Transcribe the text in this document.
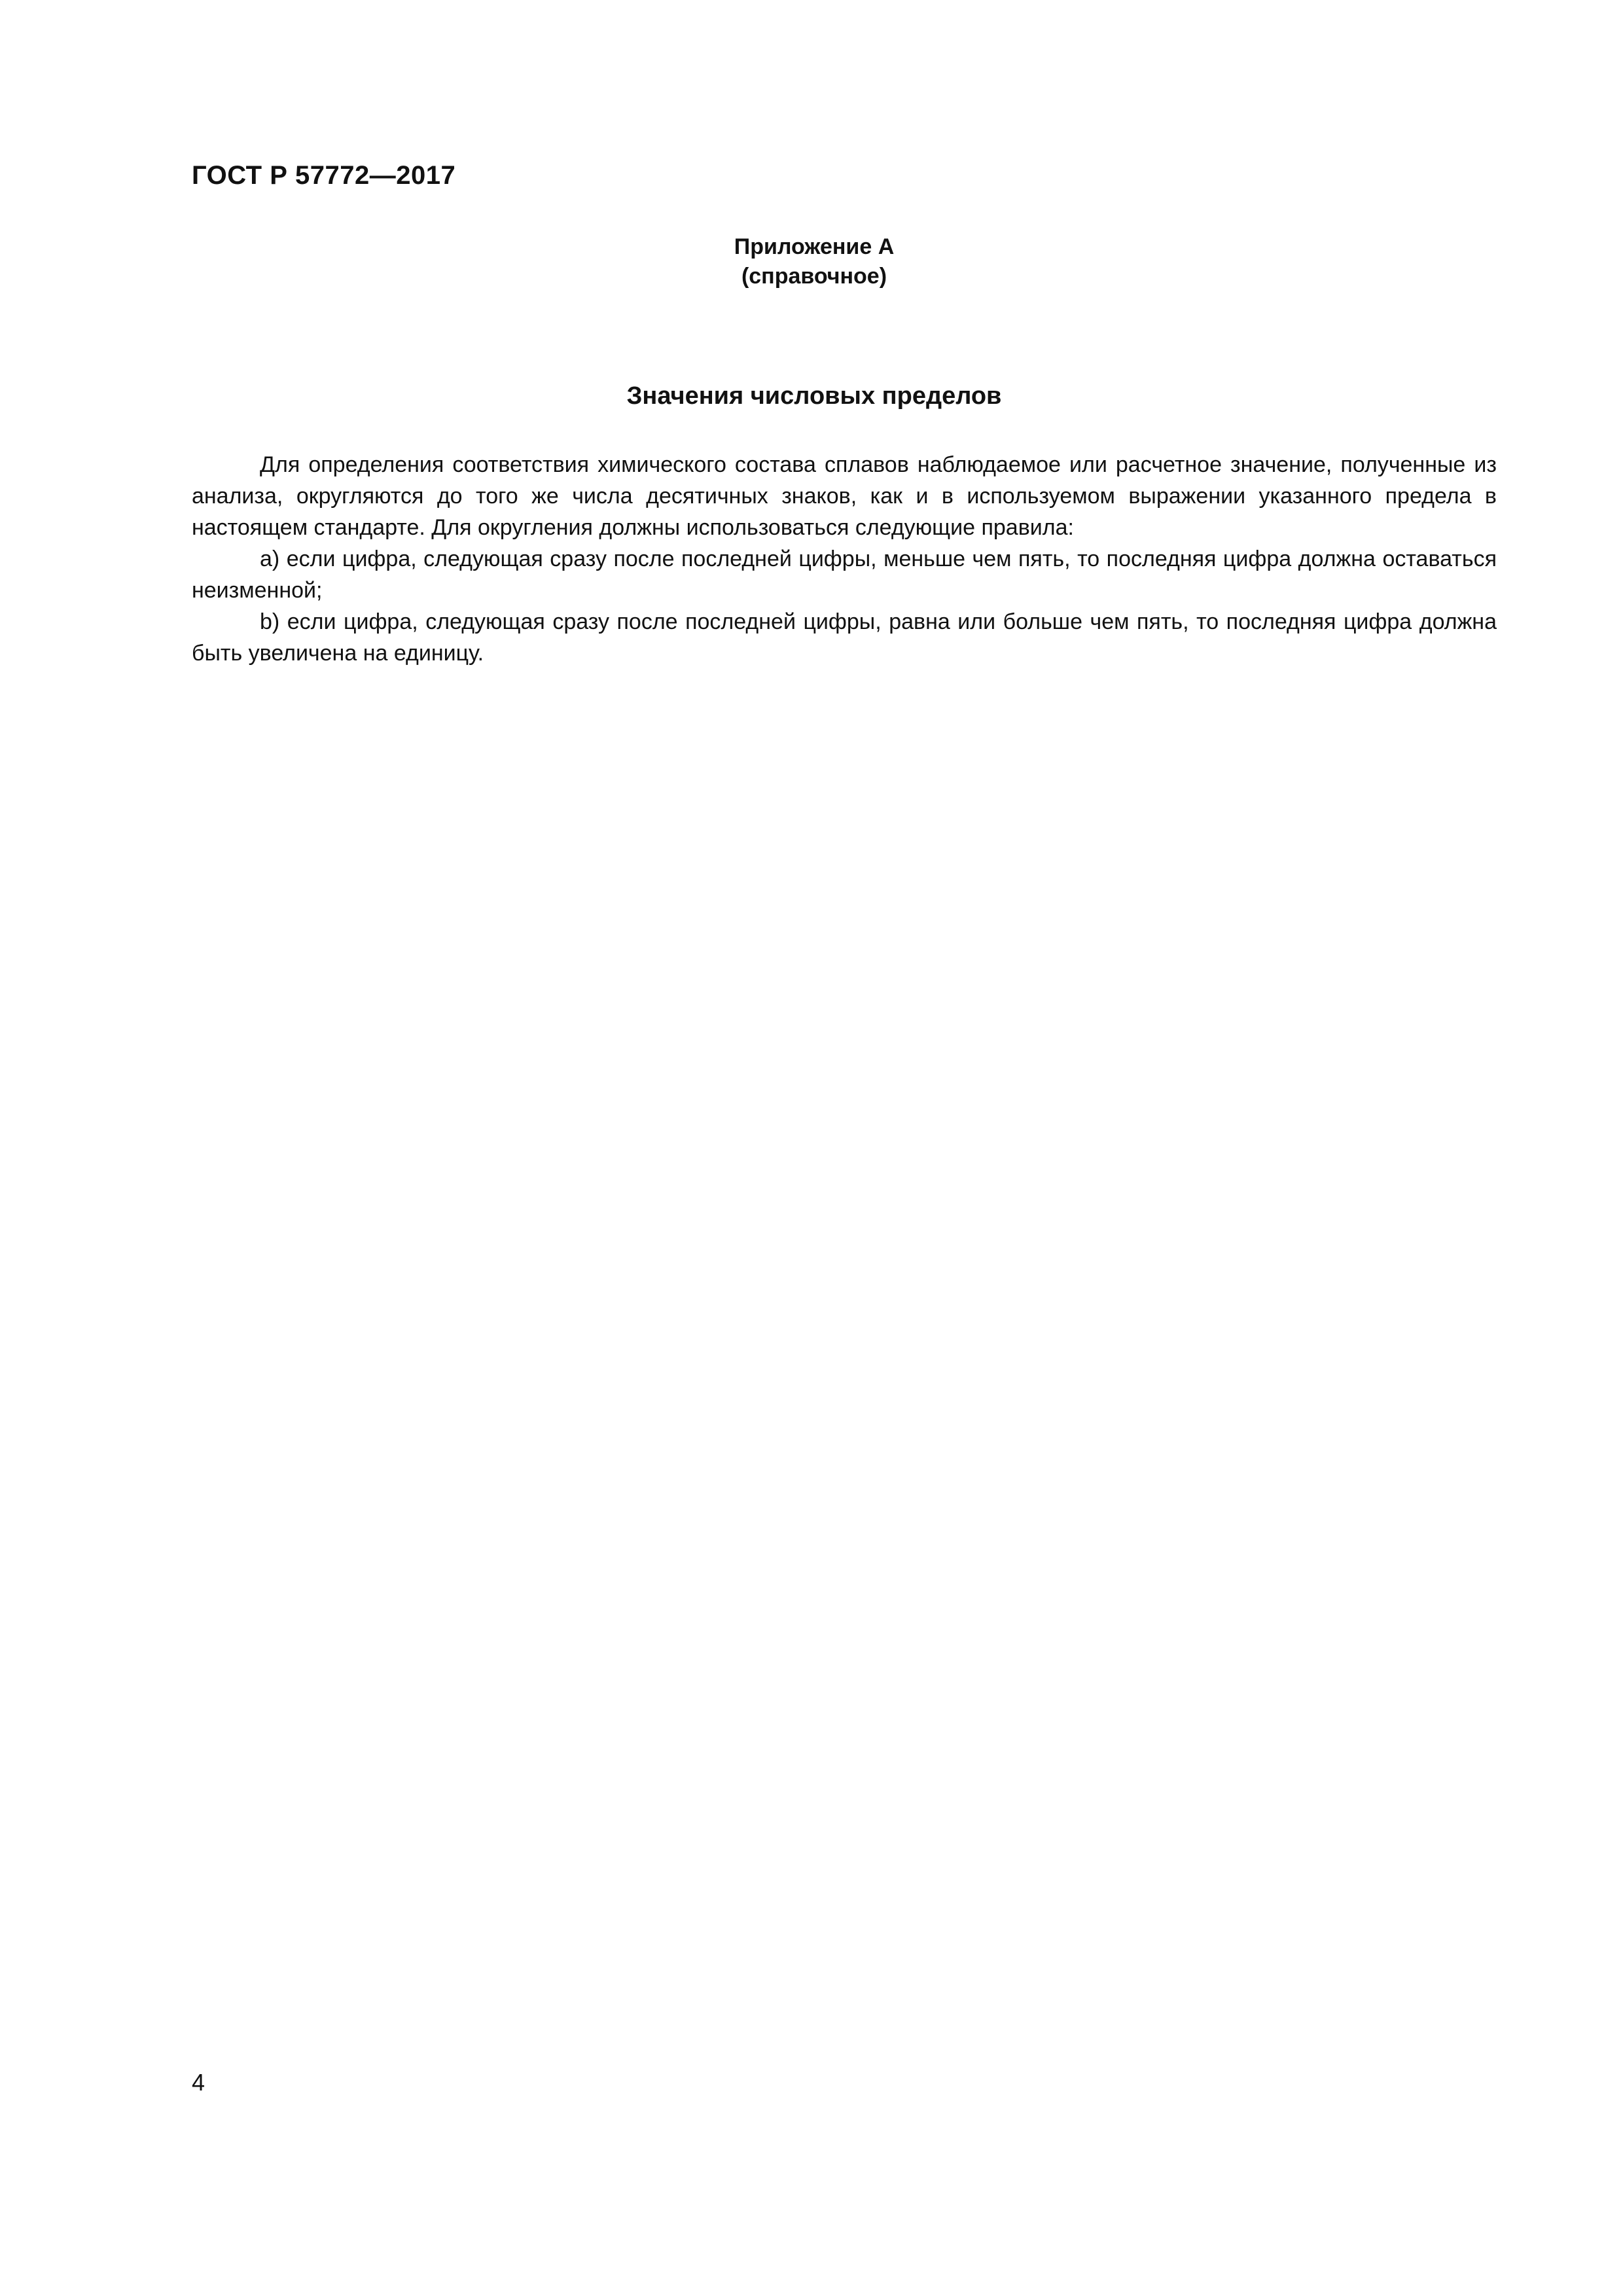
ГОСТ Р 57772—2017
Приложение А
(справочное)
Значения числовых пределов

Для определения соответствия химического состава сплавов наблюдаемое или расчетное значение, полученные из анализа, округляются до того же числа десятичных знаков, как и в используемом выражении указанного предела в настоящем стандарте. Для округления должны использоваться следующие правила:

а) если цифра, следующая сразу после последней цифры, меньше чем пять, то последняя цифра должна оставаться неизменной;

b) если цифра, следующая сразу после последней цифры, равна или больше чем пять, то последняя цифра должна быть увеличена на единицу.

4
